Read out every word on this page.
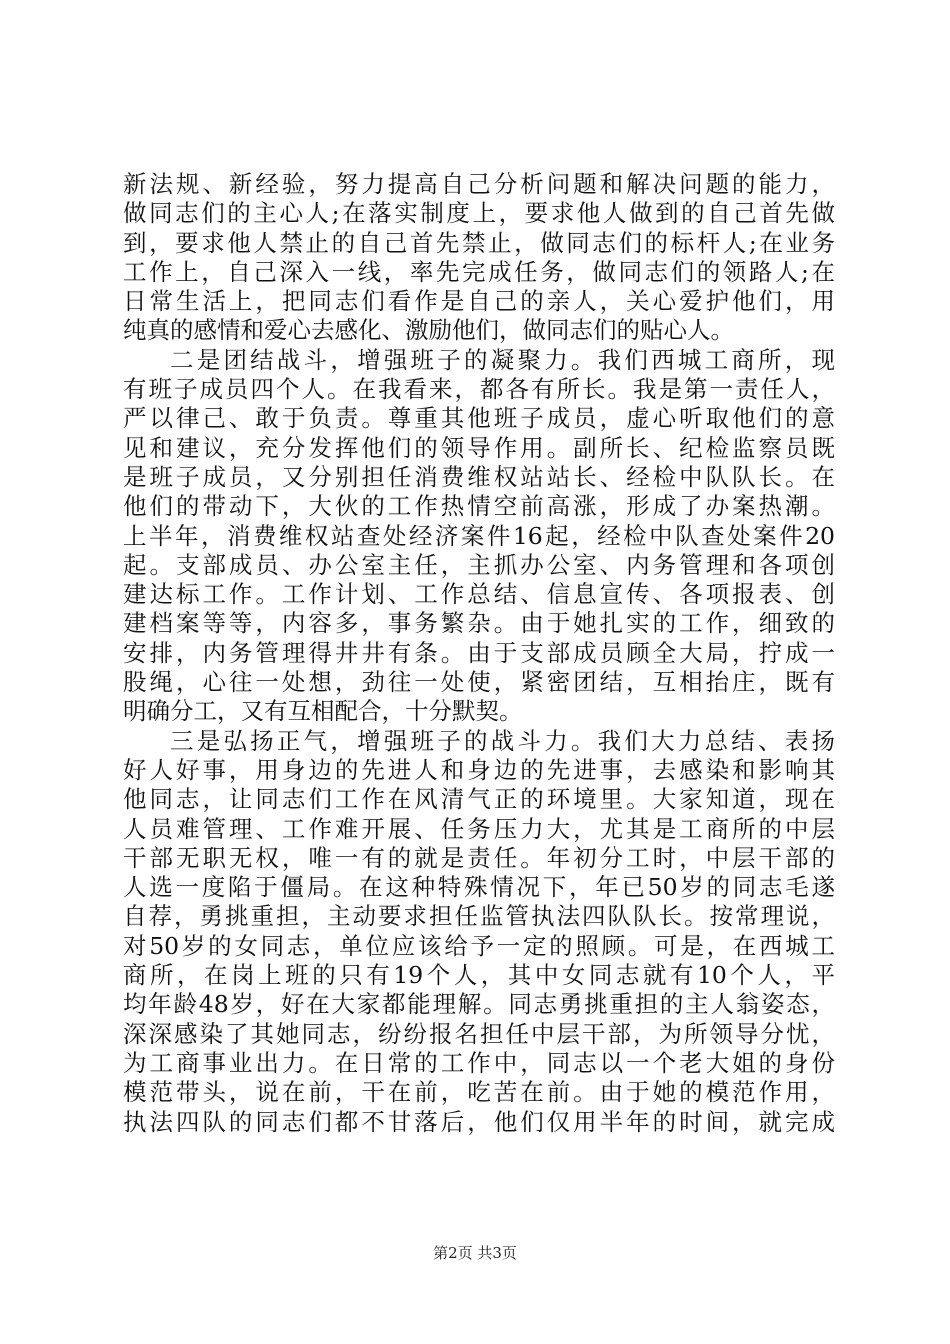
新法规、新经验，努力提高自己分析问题和解决问题的能力，
做同志们的主心人;在落实制度上，要求他人做到的自己首先做
到，要求他人禁止的自己首先禁止，做同志们的标杆人;在业务
工作上，自己深入一线，率先完成任务，做同志们的领路人;在
日常生活上，把同志们看作是自己的亲人，关心爱护他们，用
纯真的感情和爱心去感化、激励他们，做同志们的贴心人。
二是团结战斗，增强班子的凝聚力。我们西城工商所，现
有班子成员四个人。在我看来，都各有所长。我是第一责任人，
严以律己、敢于负责。尊重其他班子成员，虚心听取他们的意
见和建议，充分发挥他们的领导作用。副所长、纪检监察员既
是班子成员，又分别担任消费维权站站长、经检中队队长。在
他们的带动下，大伙的工作热情空前高涨，形成了办案热潮。
上半年，消费维权站查处经济案件16起，经检中队查处案件20
起。支部成员、办公室主任，主抓办公室、内务管理和各项创
建达标工作。工作计划、工作总结、信息宣传、各项报表、创
建档案等等，内容多，事务繁杂。由于她扎实的工作，细致的
安排，内务管理得井井有条。由于支部成员顾全大局，拧成一
股绳，心往一处想，劲往一处使，紧密团结，互相抬庄，既有
明确分工，又有互相配合，十分默契。
三是弘扬正气，增强班子的战斗力。我们大力总结、表扬
好人好事，用身边的先进人和身边的先进事，去感染和影响其
他同志，让同志们工作在风清气正的环境里。大家知道，现在
人员难管理、工作难开展、任务压力大，尤其是工商所的中层
干部无职无权，唯一有的就是责任。年初分工时，中层干部的
人选一度陷于僵局。在这种特殊情况下，年已50岁的同志毛遂
自荐，勇挑重担，主动要求担任监管执法四队队长。按常理说，
对50岁的女同志，单位应该给予一定的照顾。可是，在西城工
商所，在岗上班的只有19个人，其中女同志就有10个人，平
均年龄48岁，好在大家都能理解。同志勇挑重担的主人翁姿态，
深深感染了其她同志，纷纷报名担任中层干部，为所领导分忧，
为工商事业出力。在日常的工作中，同志以一个老大姐的身份
模范带头，说在前，干在前，吃苦在前。由于她的模范作用，
执法四队的同志们都不甘落后，他们仅用半年的时间，就完成
第2页 共3页
